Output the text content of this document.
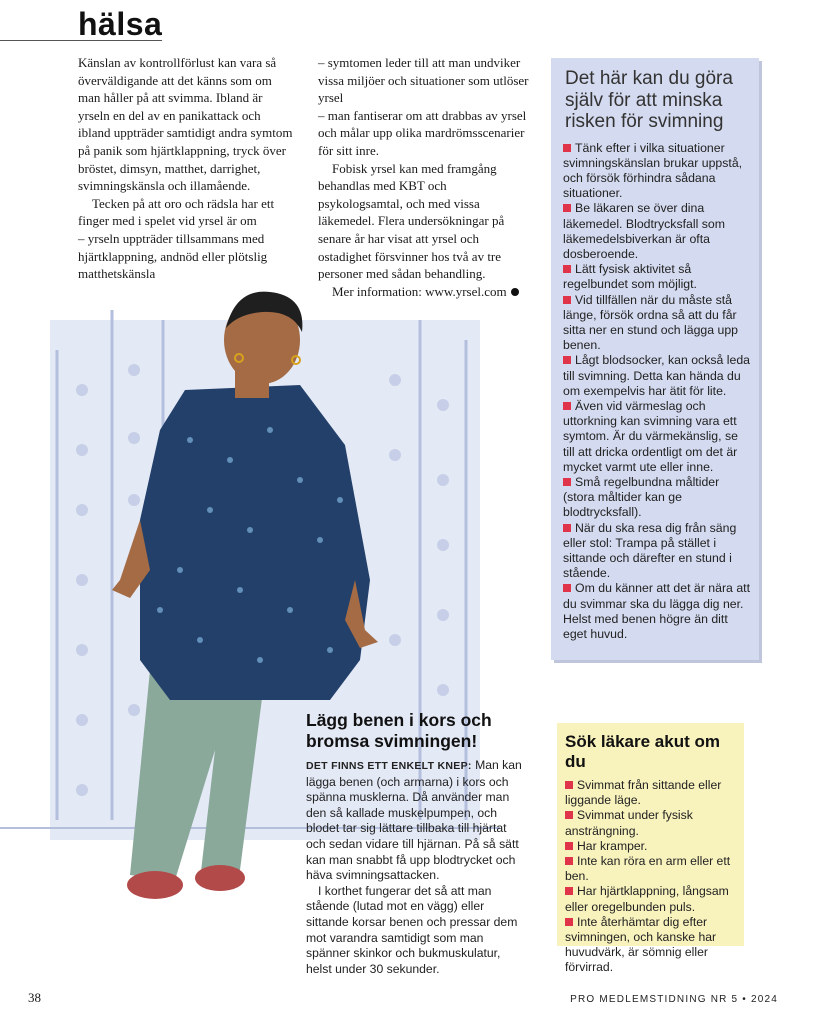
hälsa

Känslan av kontrollförlust kan vara så överväldigande att det känns som om man håller på att svimma. Ibland är yrseln en del av en panikattack och ibland uppträder samtidigt andra symtom på panik som hjärtklappning, tryck över bröstet, dimsyn, matthet, darrighet, svimningskänsla och illamående.

Tecken på att oro och rädsla har ett finger med i spelet vid yrsel är om

– yrseln uppträder tillsammans med hjärtklappning, andnöd eller plötslig matthetskänsla

– symtomen leder till att man undviker vissa miljöer och situationer som utlöser yrsel

– man fantiserar om att drabbas av yrsel och målar upp olika mardrömsscenarier för sitt inre.

Fobisk yrsel kan med framgång behandlas med KBT och psykologsamtal, och med vissa läkemedel. Flera undersökningar på senare år har visat att yrsel och ostadighet försvinner hos två av tre personer med sådan behandling.

Mer information: www.yrsel.com

Det här kan du göra själv för att minska risken för svimning
Tänk efter i vilka situationer svimningskänslan brukar uppstå, och försök förhindra sådana situationer.
Be läkaren se över dina läkemedel. Blodtrycksfall som läkemedelsbiverkan är ofta dosberoende.
Lätt fysisk aktivitet så regelbundet som möjligt.
Vid tillfällen när du måste stå länge, försök ordna så att du får sitta ner en stund och lägga upp benen.
Lågt blodsocker, kan också leda till svimning. Detta kan hända du om exempelvis har ätit för lite.
Även vid värmeslag och uttorkning kan svimning vara ett symtom. Är du värmekänslig, se till att dricka ordentligt om det är mycket varmt ute eller inne.
Små regelbundna måltider (stora måltider kan ge blodtrycksfall).
När du ska resa dig från säng eller stol: Trampa på stället i sittande och därefter en stund i stående.
Om du känner att det är nära att du svimmar ska du lägga dig ner. Helst med benen högre än ditt eget huvud.
Lägg benen i kors och bromsa svimningen!

DET FINNS ETT ENKELT KNEP: Man kan lägga benen (och armarna) i kors och spänna musklerna. Då använder man den så kallade muskelpumpen, och blodet tar sig lättare tillbaka till hjärtat och sedan vidare till hjärnan. På så sätt kan man snabbt få upp blodtrycket och häva svimningsattacken.

I korthet fungerar det så att man stående (lutad mot en vägg) eller sittande korsar benen och pressar dem mot varandra samtidigt som man spänner skinkor och bukmuskulatur, helst under 30 sekunder.

Sök läkare akut om du
Svimmat från sittande eller liggande läge.
Svimmat under fysisk ansträngning.
Har kramper.
Inte kan röra en arm eller ett ben.
Har hjärtklappning, långsam eller oregelbunden puls.
Inte återhämtar dig efter svimningen, och kanske har huvudvärk, är sömnig eller förvirrad.
38	PRO MEDLEMSTIDNING NR 5 • 2024
